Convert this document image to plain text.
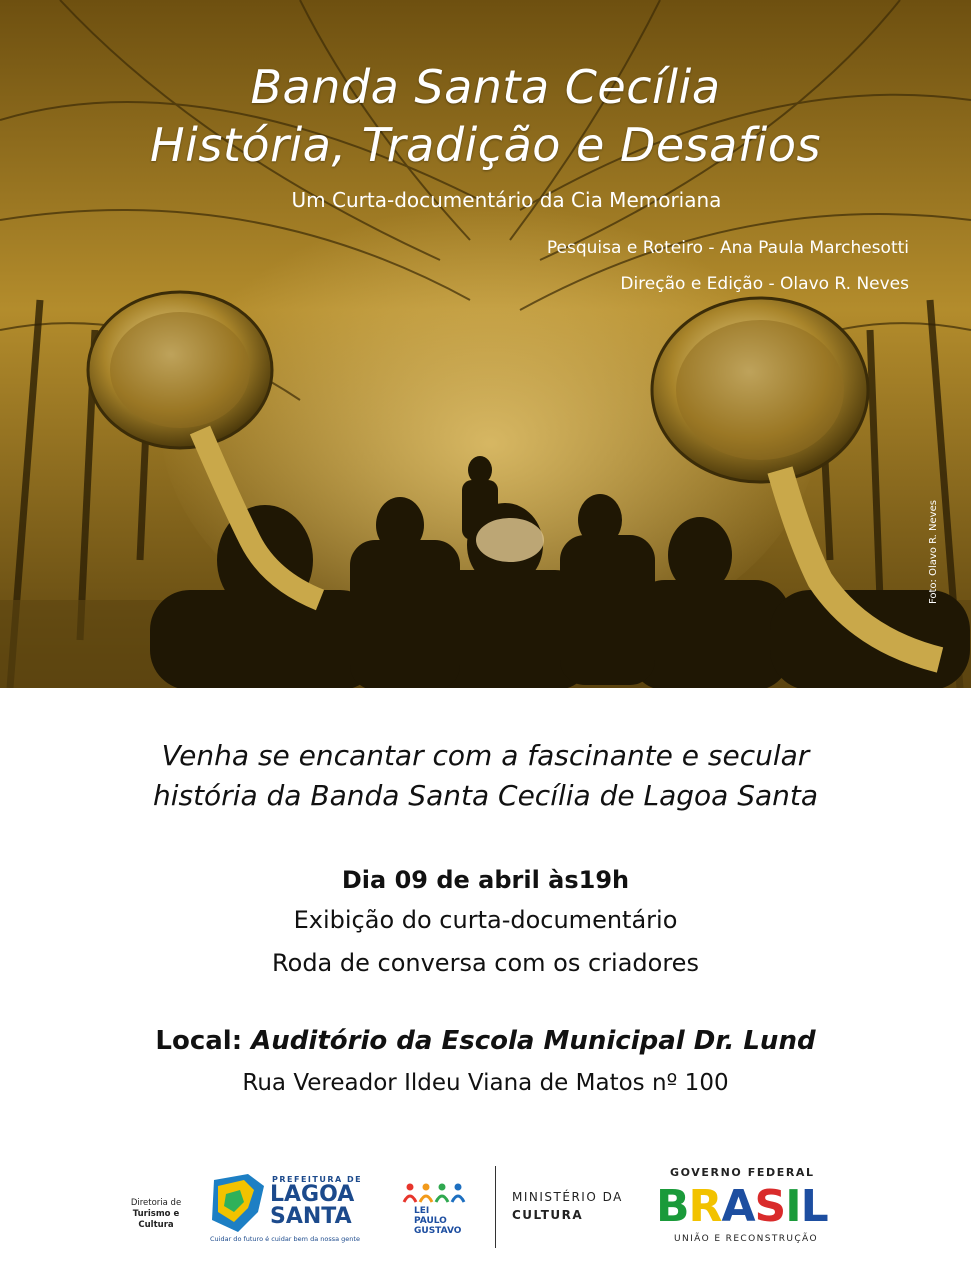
Banda Santa Cecília
História, Tradição e Desafios
Um Curta-documentário da Cia Memoriana
Pesquisa e Roteiro - Ana Paula Marchesotti
Direção e Edição - Olavo R. Neves
Foto: Olavo R. Neves
Venha se encantar com a fascinante e secular
história da Banda Santa Cecília de Lagoa Santa
Dia 09 de abril às19h
Exibição do curta-documentário
Roda de conversa com os criadores
Local: Auditório da Escola Municipal Dr. Lund
Rua Vereador Ildeu Viana de Matos nº 100
Diretoria de
Turismo e Cultura
PREFEITURA DE
LAGOA
SANTA
Cuidar do futuro é cuidar bem da nossa gente
LEI
PAULO
GUSTAVO
MINISTÉRIO DA
CULTURA
GOVERNO FEDERAL
BRASIL
UNIÃO E RECONSTRUÇÃO
